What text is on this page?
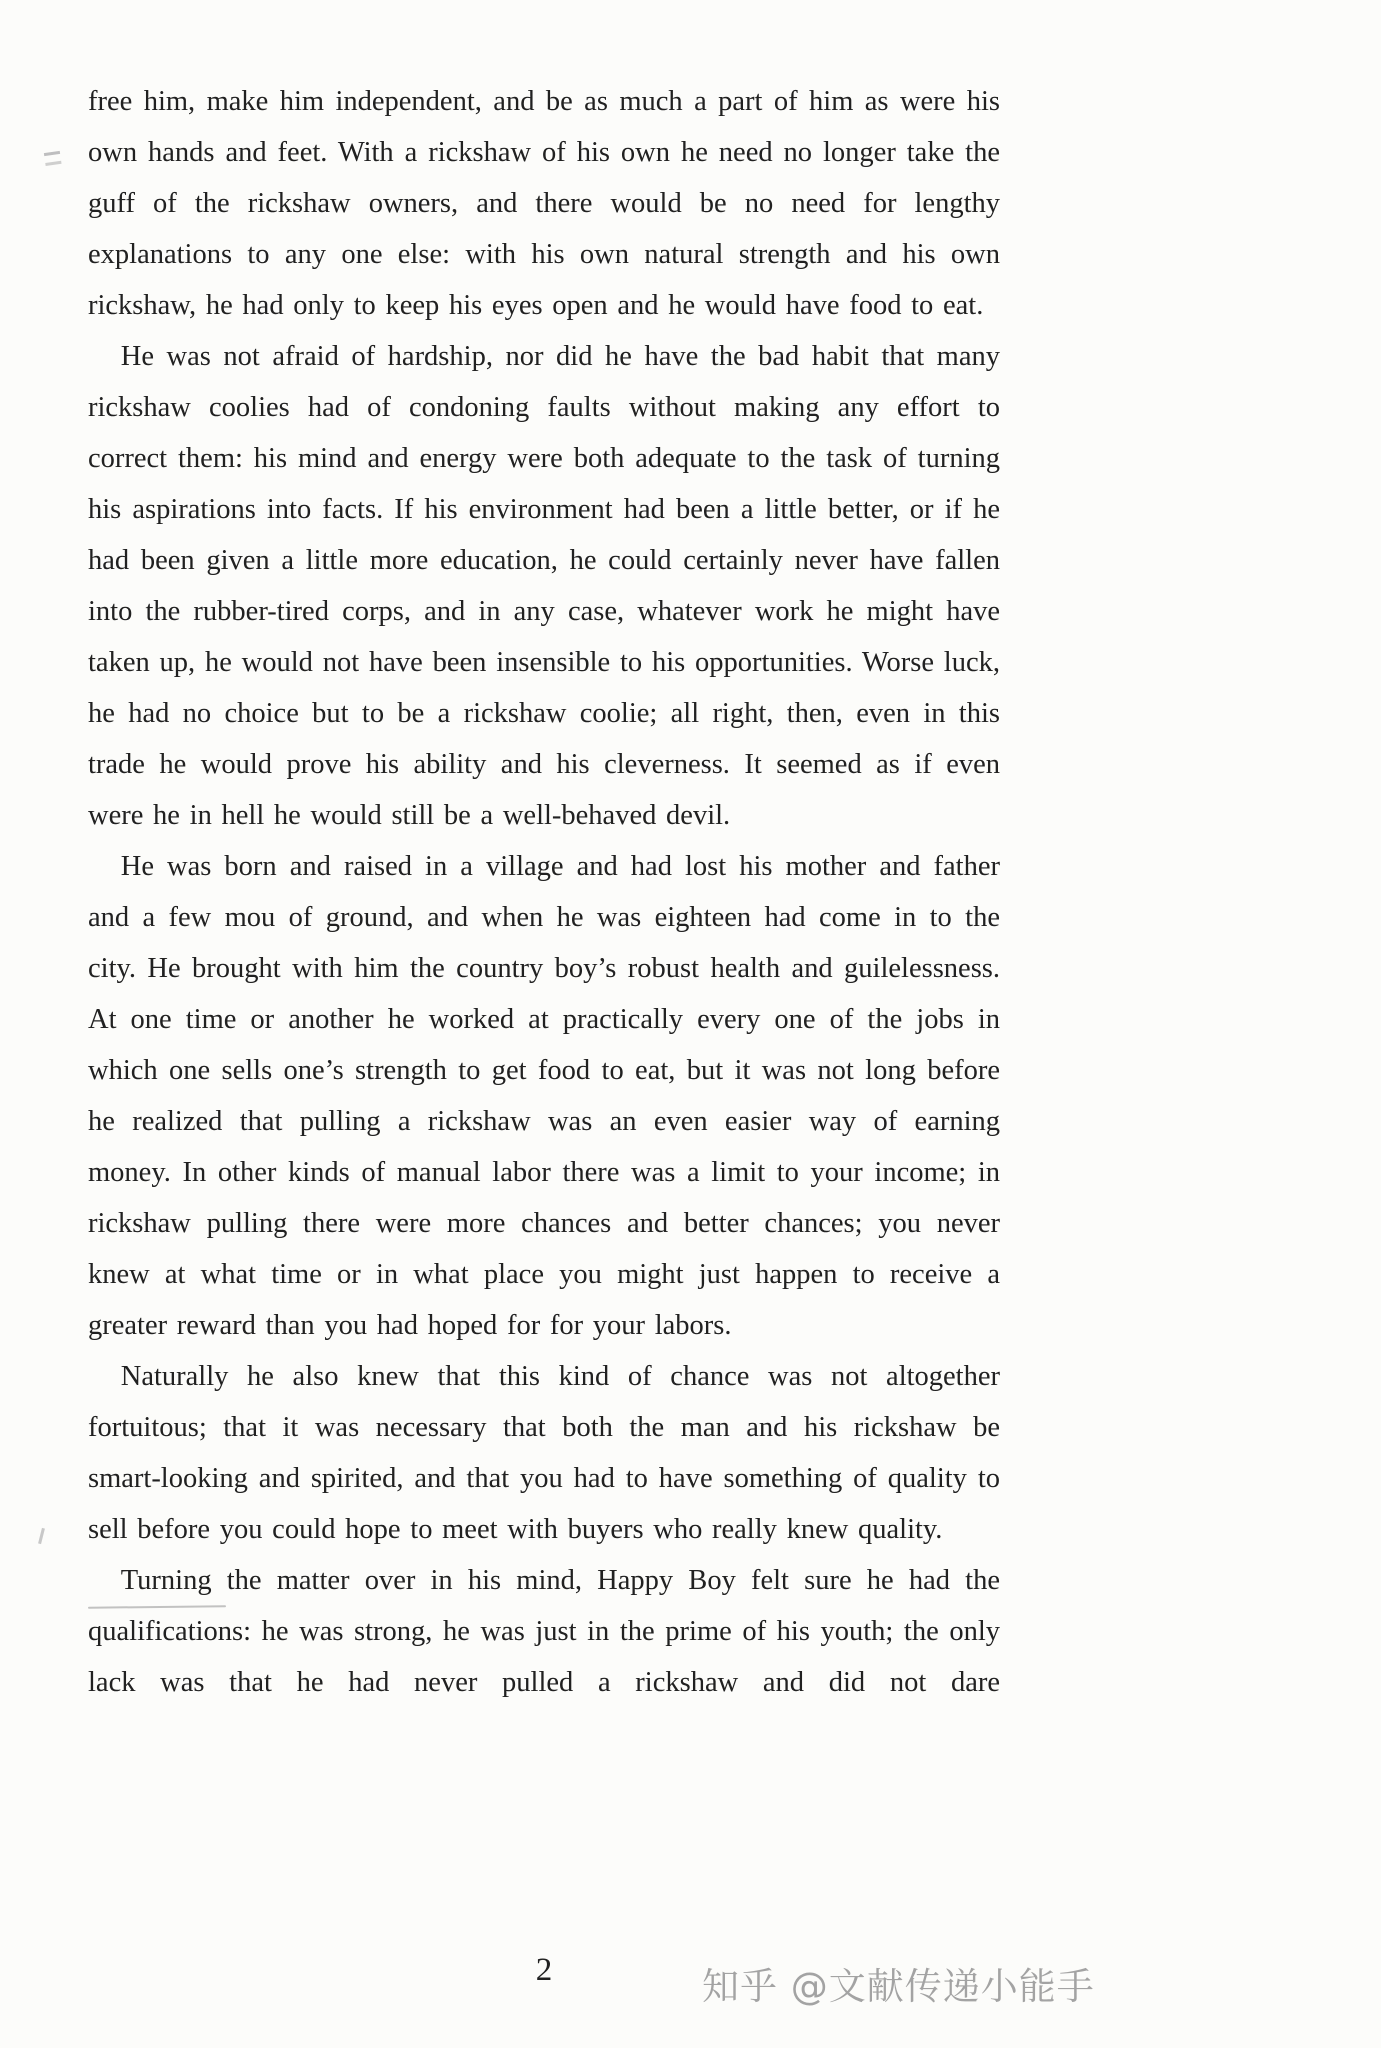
free him, make him independent, and be as much a part of him as were his own hands and feet. With a rickshaw of his own he need no longer take the guff of the rickshaw owners, and there would be no need for lengthy explanations to any one else: with his own natural strength and his own rickshaw, he had only to keep his eyes open and he would have food to eat.

He was not afraid of hardship, nor did he have the bad habit that many rickshaw coolies had of condoning faults without making any effort to correct them: his mind and energy were both adequate to the task of turning his aspirations into facts. If his environment had been a little better, or if he had been given a little more education, he could certainly never have fallen into the rubber-tired corps, and in any case, whatever work he might have taken up, he would not have been insensible to his opportunities. Worse luck, he had no choice but to be a rickshaw coolie; all right, then, even in this trade he would prove his ability and his cleverness. It seemed as if even were he in hell he would still be a well-behaved devil.

He was born and raised in a village and had lost his mother and father and a few mou of ground, and when he was eighteen had come in to the city. He brought with him the country boy’s robust health and guilelessness. At one time or another he worked at practically every one of the jobs in which one sells one’s strength to get food to eat, but it was not long before he realized that pulling a rickshaw was an even easier way of earning money. In other kinds of manual labor there was a limit to your income; in rickshaw pulling there were more chances and better chances; you never knew at what time or in what place you might just happen to receive a greater reward than you had hoped for for your labors.

Naturally he also knew that this kind of chance was not altogether fortuitous; that it was necessary that both the man and his rickshaw be smart-looking and spirited, and that you had to have something of quality to sell before you could hope to meet with buyers who really knew quality.

Turning the matter over in his mind, Happy Boy felt sure he had the qualifications: he was strong, he was just in the prime of his youth; the only lack was that he had never pulled a rickshaw and did not dare

2	知乎 @文献传递小能手
